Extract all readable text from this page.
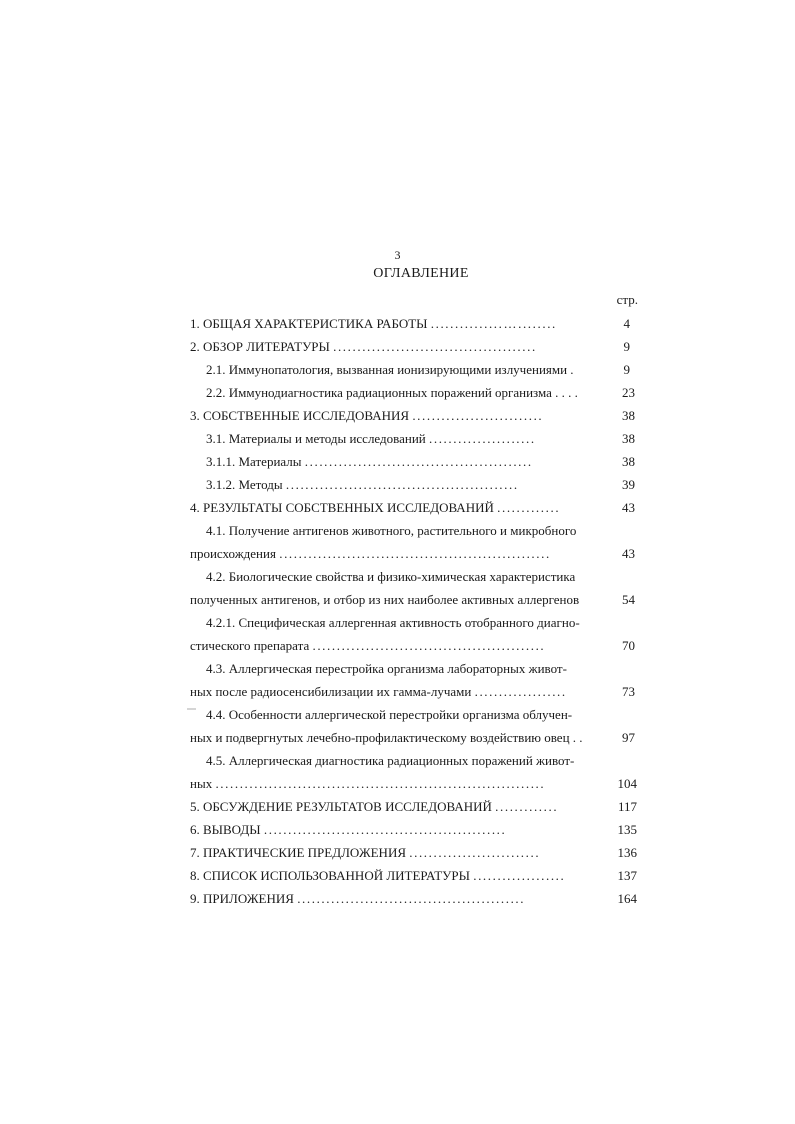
3
ОГЛАВЛЕНИЕ
стр.
1. ОБЩАЯ ХАРАКТЕРИСТИКА РАБОТЫ ...............…........	4
2. ОБЗОР ЛИТЕРАТУРЫ ..........................................	9
2.1. Иммунопатология, вызванная ионизирующими излучениями .	9
2.2. Иммунодиагностика радиационных поражений организма . . . .	23
3. СОБСТВЕННЫЕ ИССЛЕДОВАНИЯ ...........................	38
3.1. Материалы и методы исследований ......................	38
3.1.1. Материалы ...............................................	38
3.1.2. Методы ................................................	39
4. РЕЗУЛЬТАТЫ СОБСТВЕННЫХ ИССЛЕДОВАНИЙ .............	43
4.1. Получение антигенов животного, растительного и микробного
происхождения ........................................................	43
4.2. Биологические свойства и физико-химическая характеристика
полученных антигенов, и отбор из них наиболее активных аллергенов	54
4.2.1. Специфическая аллергенная активность отобранного диагно-
стического препарата ................................................	70
4.3. Аллергическая перестройка организма лабораторных живот-
ных после радиосенсибилизации их гамма-лучами ...................	73
4.4. Особенности аллергической перестройки организма облучен-
ных и подвергнутых лечебно-профилактическому воздействию овец . .	97
4.5. Аллергическая диагностика радиационных поражений живот-
ных ....................................................................	104
5. ОБСУЖДЕНИЕ РЕЗУЛЬТАТОВ ИССЛЕДОВАНИЙ .............	117
6. ВЫВОДЫ ..................................................	135
7. ПРАКТИЧЕСКИЕ ПРЕДЛОЖЕНИЯ ...........................	136
8. СПИСОК ИСПОЛЬЗОВАННОЙ ЛИТЕРАТУРЫ ...................	137
9. ПРИЛОЖЕНИЯ ...............................................	164
